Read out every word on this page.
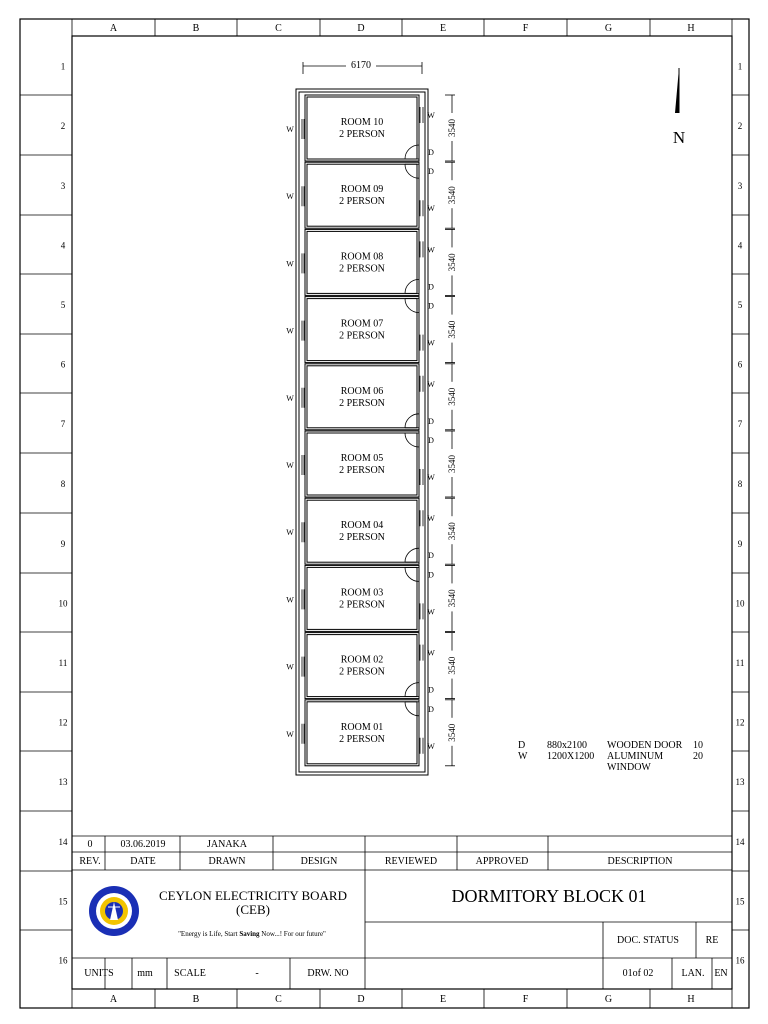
A
A
B
B
C
C
D
D
E
E
F
F
G
G
H
H
1	1
2	2
3	3
4	4
5	5
6	6
7	7
8	8
9	9
10	10
11	11
12	12
13	13
14	14
15	15
16	16
6170
N
ROOM 10
2 PERSON
W
W
D
3540
ROOM 09
2 PERSON
W
W
D
3540
ROOM 08
2 PERSON
W
W
D
3540
ROOM 07
2 PERSON
W
W
D
3540
ROOM 06
2 PERSON
W
W
D
3540
ROOM 05
2 PERSON
W
W
D
3540
ROOM 04
2 PERSON
W
W
D
3540
ROOM 03
2 PERSON
W
W
D
3540
ROOM 02
2 PERSON
W
W
D
3540
ROOM 01
2 PERSON
W
W
D
3540
D 880x2100 WOODEN DOOR 10
W 1200X1200 ALUMINUM	20
WINDOW
0	03.06.2019	JANAKA
REV.	DATE	DRAWN	DESIGN	REVIEWED	APPROVED	DESCRIPTION
CEYLON ELECTRICITY BOARD
(CEB)
"Energy is Life, Start Saving Now...! For our future"
DORMITORY BLOCK 01
DOC. STATUS	RE
UNITS mm SCALE	-	DRW. NO	01of 02	LAN. EN
